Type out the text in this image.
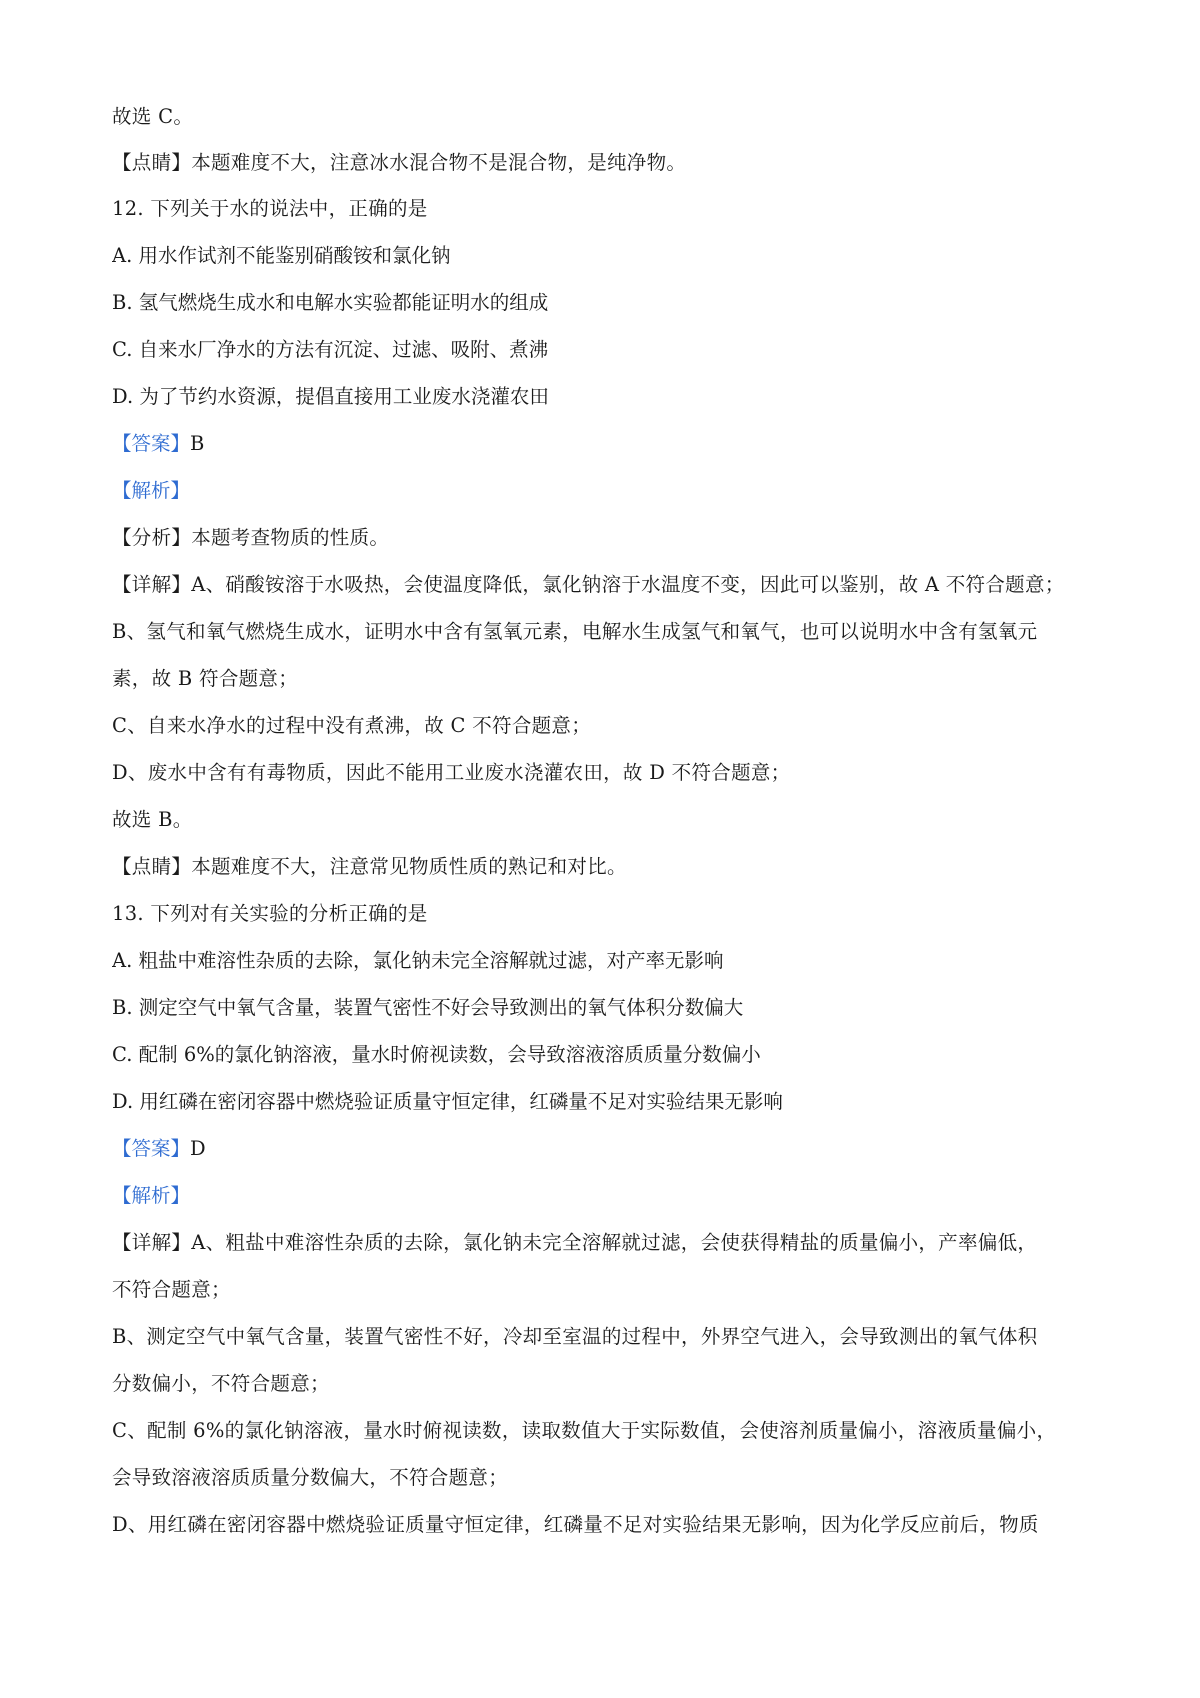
故选 C。
【点睛】本题难度不大，注意冰水混合物不是混合物，是纯净物。
12. 下列关于水的说法中，正确的是
A. 用水作试剂不能鉴别硝酸铵和氯化钠
B. 氢气燃烧生成水和电解水实验都能证明水的组成
C. 自来水厂净水的方法有沉淀、过滤、吸附、煮沸
D. 为了节约水资源，提倡直接用工业废水浇灌农田
【答案】B
【解析】
【分析】本题考查物质的性质。
【详解】A、硝酸铵溶于水吸热，会使温度降低，氯化钠溶于水温度不变，因此可以鉴别，故 A 不符合题意；
B、氢气和氧气燃烧生成水，证明水中含有氢氧元素，电解水生成氢气和氧气，也可以说明水中含有氢氧元
素，故 B 符合题意；
C、自来水净水的过程中没有煮沸，故 C 不符合题意；
D、废水中含有有毒物质，因此不能用工业废水浇灌农田，故 D 不符合题意；
故选 B。
【点睛】本题难度不大，注意常见物质性质的熟记和对比。
13. 下列对有关实验的分析正确的是
A. 粗盐中难溶性杂质的去除，氯化钠未完全溶解就过滤，对产率无影响
B. 测定空气中氧气含量，装置气密性不好会导致测出的氧气体积分数偏大
C. 配制 6%的氯化钠溶液，量水时俯视读数，会导致溶液溶质质量分数偏小
D. 用红磷在密闭容器中燃烧验证质量守恒定律，红磷量不足对实验结果无影响
【答案】D
【解析】
【详解】A、粗盐中难溶性杂质的去除，氯化钠未完全溶解就过滤，会使获得精盐的质量偏小，产率偏低，
不符合题意；
B、测定空气中氧气含量，装置气密性不好，冷却至室温的过程中，外界空气进入，会导致测出的氧气体积
分数偏小，不符合题意；
C、配制 6%的氯化钠溶液，量水时俯视读数，读取数值大于实际数值，会使溶剂质量偏小，溶液质量偏小，
会导致溶液溶质质量分数偏大，不符合题意；
D、用红磷在密闭容器中燃烧验证质量守恒定律，红磷量不足对实验结果无影响，因为化学反应前后，物质
